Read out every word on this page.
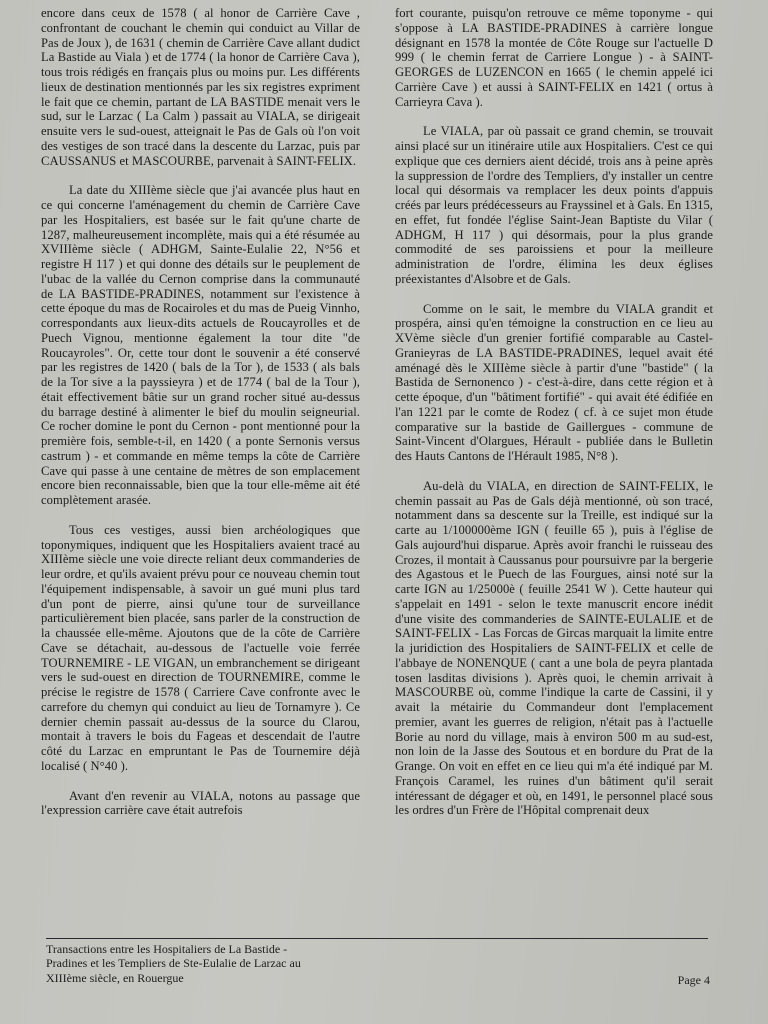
encore dans ceux de 1578 ( al honor de Carrière Cave , confrontant de couchant le chemin qui conduict au Villar de Pas de Joux ), de 1631 ( chemin de Carrière Cave allant dudict La Bastide au Viala ) et de 1774 ( la honor de Carrière Cava ), tous trois rédigés en français plus ou moins pur. Les différents lieux de destination mentionnés par les six registres expriment le fait que ce chemin, partant de LA BASTIDE menait vers le sud, sur le Larzac ( La Calm ) passait au VIALA, se dirigeait ensuite vers le sud-ouest, atteignait le Pas de Gals où l'on voit des vestiges de son tracé dans la descente du Larzac, puis par CAUSSANUS et MASCOURBE, parvenait à SAINT-FELIX.

La date du XIIIème siècle que j'ai avancée plus haut en ce qui concerne l'aménagement du chemin de Carrière Cave par les Hospitaliers, est basée sur le fait qu'une charte de 1287, malheureusement incomplète, mais qui a été résumée au XVIIIème siècle ( ADHGM, Sainte-Eulalie 22, N°56 et registre H 117 ) et qui donne des détails sur le peuplement de l'ubac de la vallée du Cernon comprise dans la communauté de LA BASTIDE-PRADINES, notamment sur l'existence à cette époque du mas de Rocairoles et du mas de Pueig Vinnho, correspondants aux lieux-dits actuels de Roucayrolles et de Puech Vignou, mentionne également la tour dite "de Roucayroles". Or, cette tour dont le souvenir a été conservé par les registres de 1420 ( bals de la Tor ), de 1533 ( als bals de la Tor sive a la payssieyra ) et de 1774 ( bal de la Tour ), était effectivement bâtie sur un grand rocher situé au-dessus du barrage destiné à alimenter le bief du moulin seigneurial. Ce rocher domine le pont du Cernon - pont mentionné pour la première fois, semble-t-il, en 1420 ( a ponte Sernonis versus castrum ) - et commande en même temps la côte de Carrière Cave qui passe à une centaine de mètres de son emplacement encore bien reconnaissable, bien que la tour elle-même ait été complètement arasée.

Tous ces vestiges, aussi bien archéologiques que toponymiques, indiquent que les Hospitaliers avaient tracé au XIIIème siècle une voie directe reliant deux commanderies de leur ordre, et qu'ils avaient prévu pour ce nouveau chemin tout l'équipement indispensable, à savoir un gué muni plus tard d'un pont de pierre, ainsi qu'une tour de surveillance particulièrement bien placée, sans parler de la construction de la chaussée elle-même. Ajoutons que de la côte de Carrière Cave se détachait, au-dessous de l'actuelle voie ferrée TOURNEMIRE - LE VIGAN, un embranchement se dirigeant vers le sud-ouest en direction de TOURNEMIRE, comme le précise le registre de 1578 ( Carriere Cave confronte avec le carrefore du chemyn qui conduict au lieu de Tornamyre ). Ce dernier chemin passait au-dessus de la source du Clarou, montait à travers le bois du Fageas et descendait de l'autre côté du Larzac en empruntant le Pas de Tournemire déjà localisé ( N°40 ).

Avant d'en revenir au VIALA, notons au passage que l'expression carrière cave était autrefois

fort courante, puisqu'on retrouve ce même toponyme - qui s'oppose à LA BASTIDE-PRADINES à carrière longue désignant en 1578 la montée de Côte Rouge sur l'actuelle D 999 ( le chemin ferrat de Carriere Longue ) - à SAINT-GEORGES de LUZENCON en 1665 ( le chemin appelé ici Carrière Cave ) et aussi à SAINT-FELIX en 1421 ( ortus à Carrieyra Cava ).

Le VIALA, par où passait ce grand chemin, se trouvait ainsi placé sur un itinéraire utile aux Hospitaliers. C'est ce qui explique que ces derniers aient décidé, trois ans à peine après la suppression de l'ordre des Templiers, d'y installer un centre local qui désormais va remplacer les deux points d'appuis créés par leurs prédécesseurs au Frayssinel et à Gals. En 1315, en effet, fut fondée l'église Saint-Jean Baptiste du Vilar ( ADHGM, H 117 ) qui désormais, pour la plus grande commodité de ses paroissiens et pour la meilleure administration de l'ordre, élimina les deux églises préexistantes d'Alsobre et de Gals.

Comme on le sait, le membre du VIALA grandit et prospéra, ainsi qu'en témoigne la construction en ce lieu au XVème siècle d'un grenier fortifié comparable au Castel-Granieyras de LA BASTIDE-PRADINES, lequel avait été aménagé dès le XIIIème siècle à partir d'une "bastide" ( la Bastida de Sernonenco ) - c'est-à-dire, dans cette région et à cette époque, d'un "bâtiment fortifié" - qui avait été édifiée en l'an 1221 par le comte de Rodez ( cf. à ce sujet mon étude comparative sur la bastide de Gaillergues - commune de Saint-Vincent d'Olargues, Hérault - publiée dans le Bulletin des Hauts Cantons de l'Hérault 1985, N°8 ).

Au-delà du VIALA, en direction de SAINT-FELIX, le chemin passait au Pas de Gals déjà mentionné, où son tracé, notamment dans sa descente sur la Treille, est indiqué sur la carte au 1/100000ème IGN ( feuille 65 ), puis à l'église de Gals aujourd'hui disparue. Après avoir franchi le ruisseau des Crozes, il montait à Caussanus pour poursuivre par la bergerie des Agastous et le Puech de las Fourgues, ainsi noté sur la carte IGN au 1/25000è ( feuille 2541 W ). Cette hauteur qui s'appelait en 1491 - selon le texte manuscrit encore inédit d'une visite des commanderies de SAINTE-EULALIE et de SAINT-FELIX - Las Forcas de Gircas marquait la limite entre la juridiction des Hospitaliers de SAINT-FELIX et celle de l'abbaye de NONENQUE ( cant a une bola de peyra plantada tosen lasditas divisions ). Après quoi, le chemin arrivait à MASCOURBE où, comme l'indique la carte de Cassini, il y avait la métairie du Commandeur dont l'emplacement premier, avant les guerres de religion, n'était pas à l'actuelle Borie au nord du village, mais à environ 500 m au sud-est, non loin de la Jasse des Soutous et en bordure du Prat de la Grange. On voit en effet en ce lieu qui m'a été indiqué par M. François Caramel, les ruines d'un bâtiment qu'il serait intéressant de dégager et où, en 1491, le personnel placé sous les ordres d'un Frère de l'Hôpital comprenait deux

Transactions entre les Hospitaliers de La Bastide -
Pradines et les Templiers de Ste-Eulalie de Larzac au
XIIIème siècle, en Rouergue	Page 4
